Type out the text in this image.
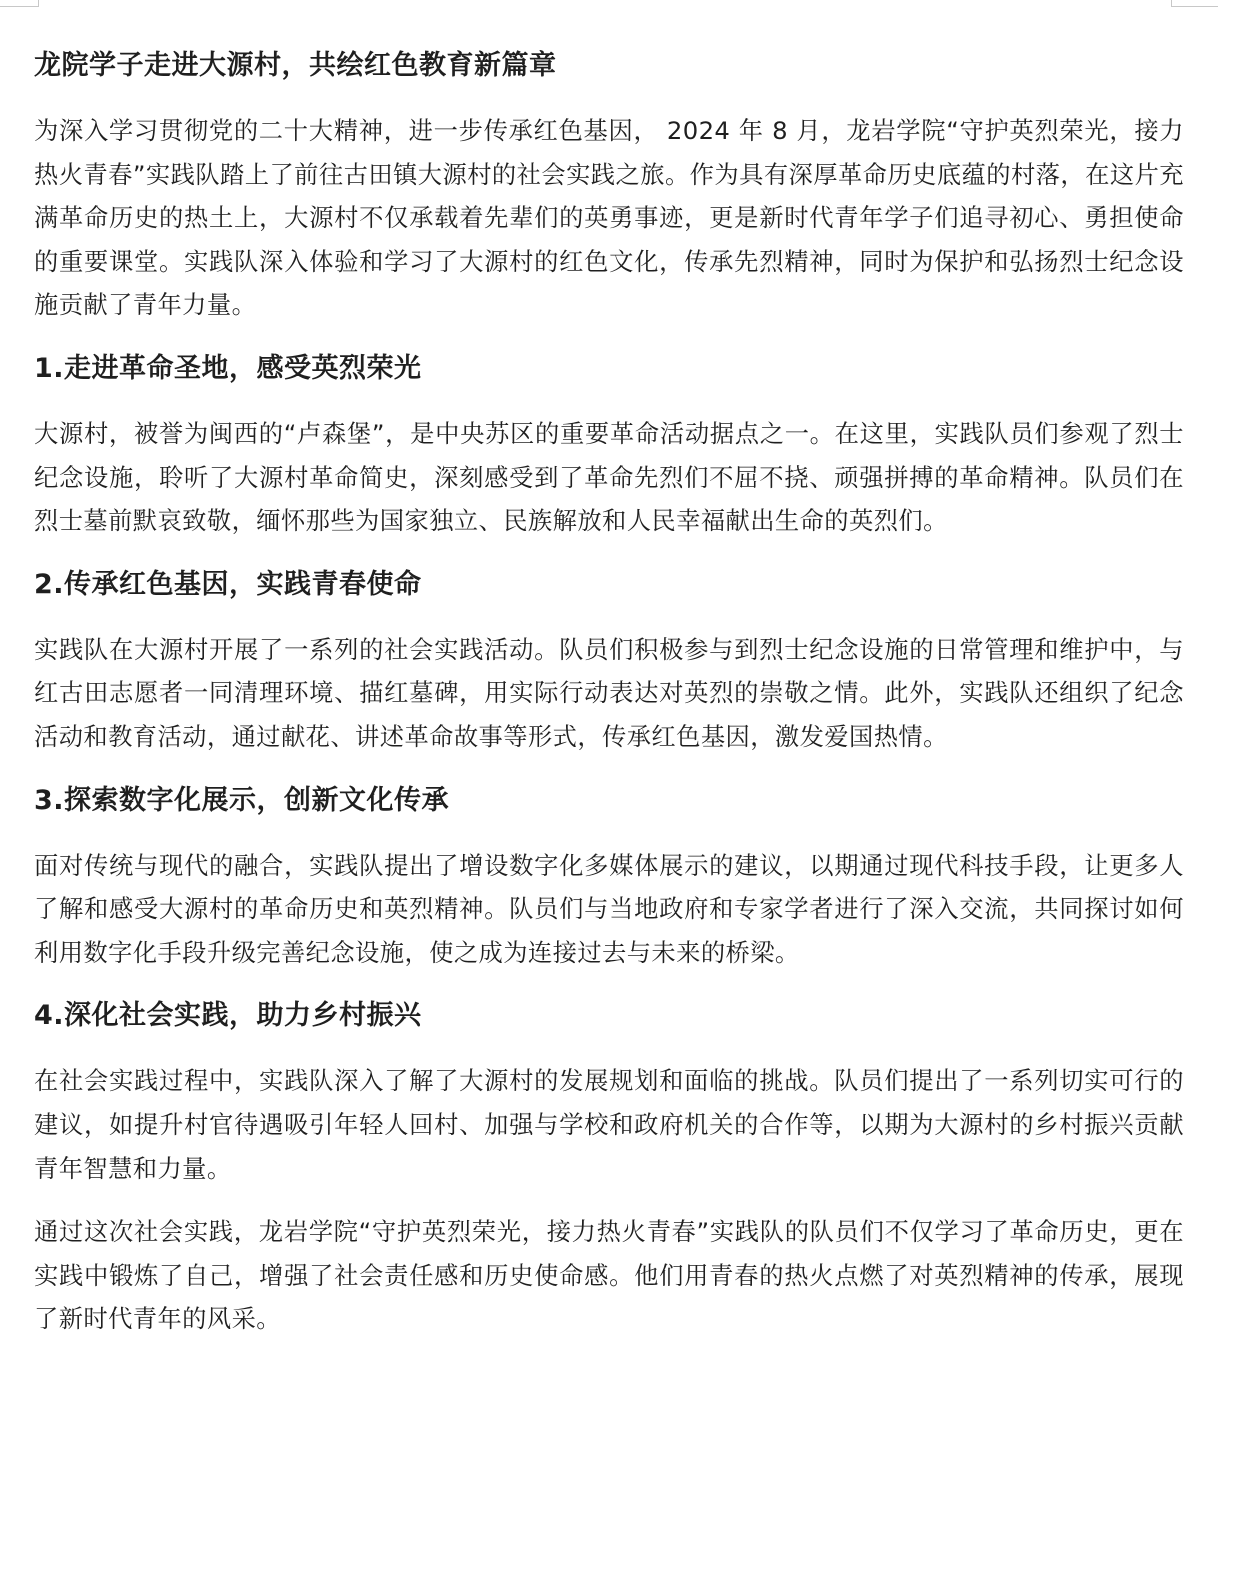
龙院学子走进大源村，共绘红色教育新篇章

为深入学习贯彻党的二十大精神，进一步传承红色基因， 2024 年 8 月，龙岩学院“守护英烈荣光，接力热火青春”实践队踏上了前往古田镇大源村的社会实践之旅。作为具有深厚革命历史底蕴的村落，在这片充满革命历史的热土上，大源村不仅承载着先辈们的英勇事迹，更是新时代青年学子们追寻初心、勇担使命的重要课堂。实践队深入体验和学习了大源村的红色文化，传承先烈精神，同时为保护和弘扬烈士纪念设施贡献了青年力量。

1.走进革命圣地，感受英烈荣光

大源村，被誉为闽西的“卢森堡”，是中央苏区的重要革命活动据点之一。在这里，实践队员们参观了烈士纪念设施，聆听了大源村革命简史，深刻感受到了革命先烈们不屈不挠、顽强拼搏的革命精神。队员们在烈士墓前默哀致敬，缅怀那些为国家独立、民族解放和人民幸福献出生命的英烈们。

2.传承红色基因，实践青春使命

实践队在大源村开展了一系列的社会实践活动。队员们积极参与到烈士纪念设施的日常管理和维护中，与红古田志愿者一同清理环境、描红墓碑，用实际行动表达对英烈的崇敬之情。此外，实践队还组织了纪念活动和教育活动，通过献花、讲述革命故事等形式，传承红色基因，激发爱国热情。

3.探索数字化展示，创新文化传承

面对传统与现代的融合，实践队提出了增设数字化多媒体展示的建议，以期通过现代科技手段，让更多人了解和感受大源村的革命历史和英烈精神。队员们与当地政府和专家学者进行了深入交流，共同探讨如何利用数字化手段升级完善纪念设施，使之成为连接过去与未来的桥梁。

4.深化社会实践，助力乡村振兴

在社会实践过程中，实践队深入了解了大源村的发展规划和面临的挑战。队员们提出了一系列切实可行的建议，如提升村官待遇吸引年轻人回村、加强与学校和政府机关的合作等，以期为大源村的乡村振兴贡献青年智慧和力量。

通过这次社会实践，龙岩学院“守护英烈荣光，接力热火青春”实践队的队员们不仅学习了革命历史，更在实践中锻炼了自己，增强了社会责任感和历史使命感。他们用青春的热火点燃了对英烈精神的传承，展现了新时代青年的风采。
